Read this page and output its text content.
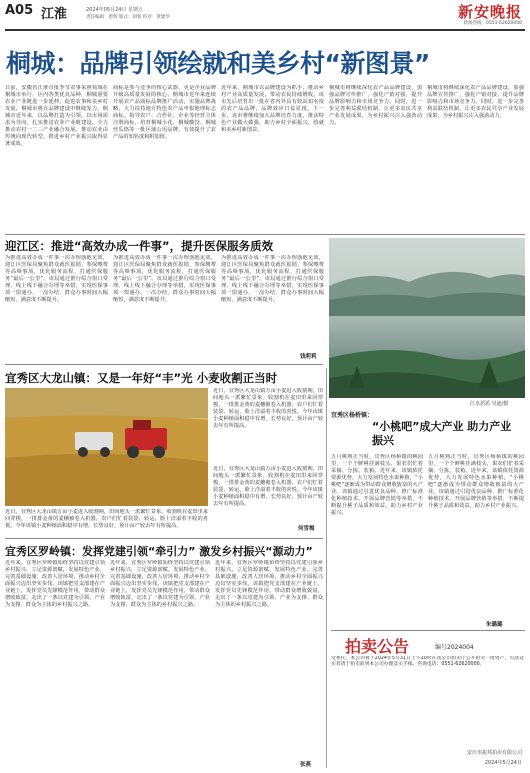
A05 江淮	2024年05月24日 星期五
责任编辑：唐辉 版式：胡蓉 校对：黄建华	新安晚报
新闻热线：0551-62620000
桐城：品牌引领绘就和美乡村“新图景”
日前，安徽省江淮首批季节农事采照领域在桐城市举行，区内各类优良品种，桐城重要农业产业链进一步延伸，促进农事和美乡村发展，桐城市将在品牌建设中继续发力。桐城市近年来，以品牌打造为引领，以市场需求为导向，扎实推进农业产业链建设，全力推动农村一二三产业融合发展，推动农业由传统向现代转型，推进乡村产业振兴取得显著成效。
商标是参与竞争的核心武器，更是企业品牌升级高质量发展的核心。桐城市近年来连续开展农产品商标品牌推广活动，实施品牌战略，大力扶持地方特色农产品申报地理标志商标，指导农户、合作社、企业等经营主体注册商标，培育桐城小花、桐城酸饺、桐城丝瓜络等一批区域公用品牌，有效提升了农产品的知名度和附加值。
近年来，桐城市以品牌建设为抓手，推动乡村产业高质量发展，带动农民持续增收。该市先后培育出一批在省内外具有较高知名度的农产品品牌，品牌效应日益显现。下一步，该市将继续加大品牌培育力度，推动特色产业做大做强，助力乡村全面振兴，绘就和美乡村新图景。
桐城市将继续深化农产品品牌建设，加强品牌宣传推广，强化产销对接，提升品牌影响力和市场竞争力。同时，进一步完善利益联结机制，让更多农民共享产业发展成果，为乡村振兴注入强劲动力。
桐城市将继续深化农产品品牌建设，加强品牌宣传推广，强化产销对接，提升品牌影响力和市场竞争力。同时，进一步完善利益联结机制，让更多农民共享产业发展成果，为乡村振兴注入强劲动力。
迎江区：推进“高效办成一件事”，提升医保服务质效
为推进高效办成一件事一次办理落地见效，迎江区医保局聚焦群众就医报销、参保缴费等高频事项，优化服务流程，打通医保服务“最后一公里”。该局通过推行综合窗口受理、线上线下融合办理等举措，实现医保事项一窗通办、一次办结，群众办事时间大幅缩短，满意度不断提升。
为推进高效办成一件事一次办理落地见效，迎江区医保局聚焦群众就医报销、参保缴费等高频事项，优化服务流程，打通医保服务“最后一公里”。该局通过推行综合窗口受理、线上线下融合办理等举措，实现医保事项一窗通办、一次办结，群众办事时间大幅缩短，满意度不断提升。
为推进高效办成一件事一次办理落地见效，迎江区医保局聚焦群众就医报销、参保缴费等高频事项，优化服务流程，打通医保服务“最后一公里”。该局通过推行综合窗口受理、线上线下融合办理等举措，实现医保事项一窗通办、一次办结，群众办事时间大幅缩短，满意度不断提升。
钱莉莉
江水滔滔 吴迪/摄
宜秀区大龙山镇：又是一年好“丰”光 小麦收割正当时
近日，宜秀区大龙山镇万亩小麦进入收割期，田间地头一派繁忙景象。收割机在麦田里来回穿梭，一排排金黄的麦穗被卷入机器，农户们忙着装袋、转运，脸上洋溢着丰收的喜悦。今年该镇小麦种植面积稳中有增，长势良好，预计亩产较去年有所提高。
近日，宜秀区大龙山镇万亩小麦进入收割期，田间地头一派繁忙景象。收割机在麦田里来回穿梭，一排排金黄的麦穗被卷入机器，农户们忙着装袋、转运，脸上洋溢着丰收的喜悦。今年该镇小麦种植面积稳中有增，长势良好，预计亩产较去年有所提高。
近日，宜秀区大龙山镇万亩小麦进入收割期，田间地头一派繁忙景象。收割机在麦田里来回穿梭，一排排金黄的麦穗被卷入机器，农户们忙着装袋、转运，脸上洋溢着丰收的喜悦。今年该镇小麦种植面积稳中有增，长势良好，预计亩产较去年有所提高。
何雪梅
宜秀区罗岭镇：发挥党建引领“牵引力” 激发乡村振兴“源动力”
近年来，宜秀区罗岭镇始终坚持以党建引领乡村振兴，立足资源禀赋，发展特色产业，完善基础设施，改善人居环境，推动乡村全面振兴迈出坚实步伐。该镇把党支部建在产业链上，发挥党员先锋模范作用，带动群众增收致富，走出了一条以党建为引领、产业为支撑、群众为主体的乡村振兴之路。
近年来，宜秀区罗岭镇始终坚持以党建引领乡村振兴，立足资源禀赋，发展特色产业，完善基础设施，改善人居环境，推动乡村全面振兴迈出坚实步伐。该镇把党支部建在产业链上，发挥党员先锋模范作用，带动群众增收致富，走出了一条以党建为引领、产业为支撑、群众为主体的乡村振兴之路。
近年来，宜秀区罗岭镇始终坚持以党建引领乡村振兴，立足资源禀赋，发展特色产业，完善基础设施，改善人居环境，推动乡村全面振兴迈出坚实步伐。该镇把党支部建在产业链上，发挥党员先锋模范作用，带动群众增收致富，走出了一条以党建为引领、产业为支撑、群众为主体的乡村振兴之路。
张燕
宜秀区杨桥镇：
“小桃吧”成大产业 助力产业振兴
五月桃熟正当时，宜秀区杨桥镇的桃园里，一个个鲜桃挂满枝头，果农们忙着采摘、分拣、装箱。近年来，该镇依托资源优势，大力发展特色水果种植，“小桃吧”逐渐成为带动群众增收致富的大产业。该镇通过引进优良品种、推广标准化种植技术、开展品牌营销等举措，不断提升桃子品质和效益，助力乡村产业振兴。
五月桃熟正当时，宜秀区杨桥镇的桃园里，一个个鲜桃挂满枝头，果农们忙着采摘、分拣、装箱。近年来，该镇依托资源优势，大力发展特色水果种植，“小桃吧”逐渐成为带动群众增收致富的大产业。该镇通过引进优良品种、推广标准化种植技术、开展品牌营销等举措，不断提升桃子品质和效益，助力乡村产业振兴。
朱璐璐
拍卖公告	编号2024004
受委托，本公司将于2024年5月31日上午10时在我公司拍卖厅公开拍卖一批资产，有意竞买者请于拍卖前到本公司办理竞买手续。咨询电话：0551-62620000。
安庆市振邦拍卖有限公司
2024年5月24日
